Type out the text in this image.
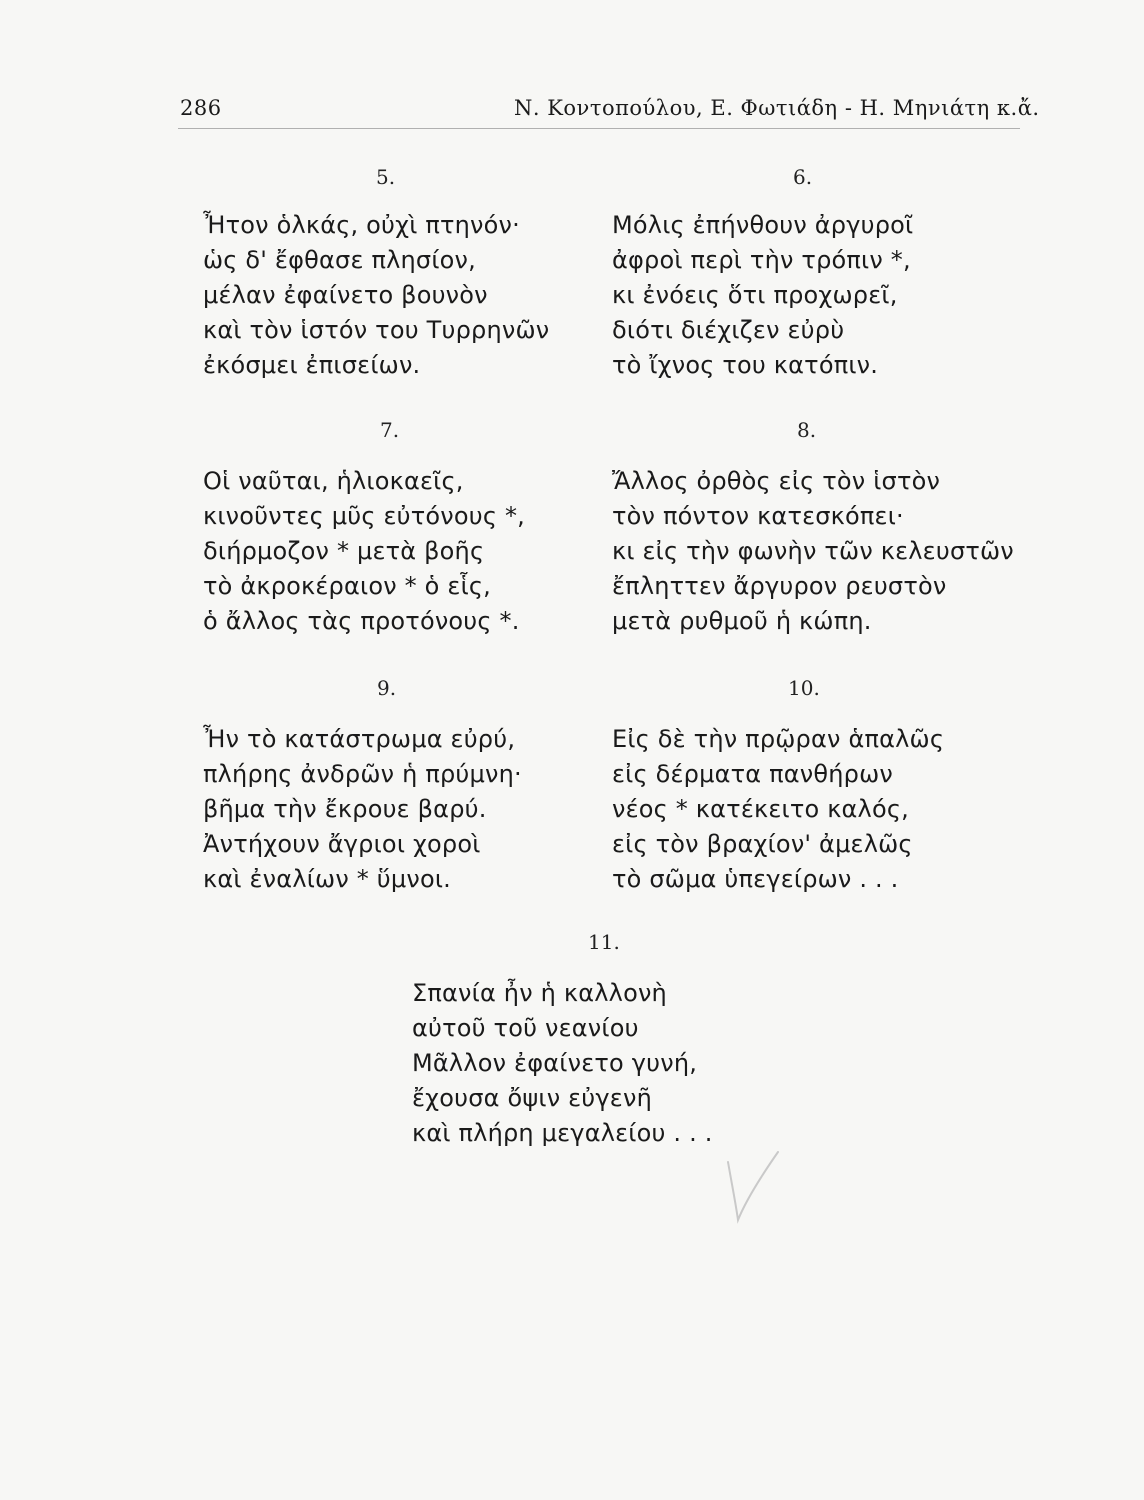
286	Ν. Κοντοπούλου, Ε. Φωτιάδη - Η. Μηνιάτη κ.ἄ.
5.
Ἦτον ὁλκάς, οὐχὶ πτηνόν·
ὡς δ' ἔφθασε πλησίον,
μέλαν ἐφαίνετο βουνὸν
καὶ τὸν ἱστόν του Τυρρηνῶν
ἐκόσμει ἐπισείων.
6.
Μόλις ἐπήνθουν ἀργυροῖ
ἀφροὶ περὶ τὴν τρόπιν *,
κι ἐνόεις ὅτι προχωρεῖ,
διότι διέχιζεν εὐρὺ
τὸ ἴχνος του κατόπιν.
7.
Οἱ ναῦται, ἡλιοκαεῖς,
κινοῦντες μῦς εὐτόνους *,
διήρμοζον * μετὰ βοῆς
τὸ ἀκροκέραιον * ὁ εἷς,
ὁ ἄλλος τὰς προτόνους *.
8.
Ἄλλος ὀρθὸς εἰς τὸν ἱστὸν
τὸν πόντον κατεσκόπει·
κι εἰς τὴν φωνὴν τῶν κελευστῶν
ἔπληττεν ἄργυρον ρευστὸν
μετὰ ρυθμοῦ ἡ κώπη.
9.
Ἦν τὸ κατάστρωμα εὐρύ,
πλήρης ἀνδρῶν ἡ πρύμνη·
βῆμα τὴν ἔκρουε βαρύ.
Ἀντήχουν ἄγριοι χοροὶ
καὶ ἐναλίων * ὕμνοι.
10.
Εἰς δὲ τὴν πρῷραν ἁπαλῶς
εἰς δέρματα πανθήρων
νέος * κατέκειτο καλός,
εἰς τὸν βραχίον' ἀμελῶς
τὸ σῶμα ὑπεγείρων . . .
11.
Σπανία ἦν ἡ καλλονὴ
αὐτοῦ τοῦ νεανίου
Μᾶλλον ἐφαίνετο γυνή,
ἔχουσα ὄψιν εὐγενῆ
καὶ πλήρη μεγαλείου . . .
